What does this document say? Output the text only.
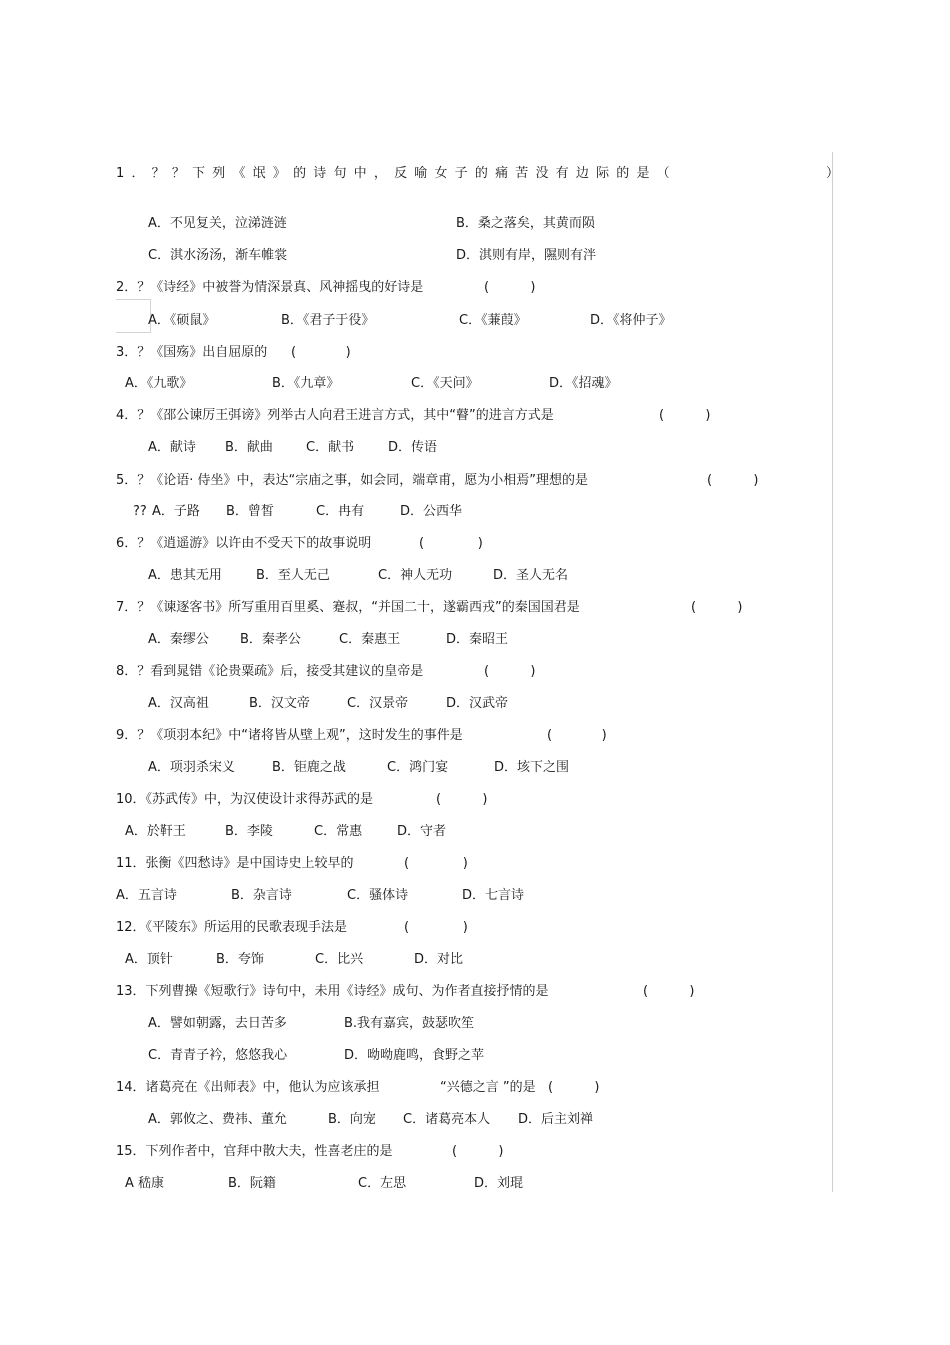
1．？？下列《氓》的诗句中，反喻女子的痛苦没有边际的是（	）
A．不见复关，泣涕涟涟	B．桑之落矣，其黄而陨
C．淇水汤汤，渐车帷裳	D．淇则有岸，隰则有泮
2．？《诗经》中被誉为情深景真、风神摇曳的好诗是	(          )
A．《硕鼠》	B．《君子于役》	C．《蒹葭》	D．《将仲子》
3．？《国殇》出自屈原的 (            )
A．《九歌》	B．《九章》	C．《天问》	D．《招魂》
4．？《邵公谏厉王弭谤》列举古人向君王进言方式，其中“瞽”的进言方式是	(          )
A．献诗 B．献曲	C．献书	D．传语
5．？《论语· 侍坐》中，表达“宗庙之事，如会同，端章甫，愿为小相焉”理想的是	(          )
?? A．子路 B．曾皙	C．冉有	D．公西华
6．？《逍遥游》以许由不受天下的故事说明	(             )
A．患其无用	B．至人无己	C．神人无功	D．圣人无名
7．？《谏逐客书》所写重用百里奚、蹇叔，“并国二十，遂霸西戎”的秦国国君是	(          )
A．秦缪公 B．秦孝公	C．秦惠王	D．秦昭王
8．？看到晁错《论贵粟疏》后，接受其建议的皇帝是	(          )
A．汉高祖	B．汉文帝	C．汉景帝	D．汉武帝
9．？《项羽本纪》中“诸将皆从壁上观”，这时发生的事件是	(            )
A．项羽杀宋义	B．钜鹿之战	C．鸿门宴	D．垓下之围
10．《苏武传》中，为汉使设计求得苏武的是	(          )
A．於靬王	B．李陵	C．常惠	D．守者
11．张衡《四愁诗》是中国诗史上较早的	(             )
A．五言诗	B．杂言诗	C．骚体诗	D．七言诗
12．《平陵东》所运用的民歌表现手法是	(             )
A．顶针	B．夸饰	C．比兴	D．对比
13．下列曹操《短歌行》诗句中，未用《诗经》成句、为作者直接抒情的是	(          )
A．譬如朝露，去日苦多	B.我有嘉宾，鼓瑟吹笙
C．青青子衿，悠悠我心	D．呦呦鹿鸣，食野之苹
14．诸葛亮在《出师表》中，他认为应该承担	“兴德之言 ”的是 (          )
A．郭攸之、费祎、董允	B．向宠 C．诸葛亮本人 D．后主刘禅
15．下列作者中，官拜中散大夫，性喜老庄的是	(          )
A 嵇康	B．阮籍	C．左思	D．刘琨
